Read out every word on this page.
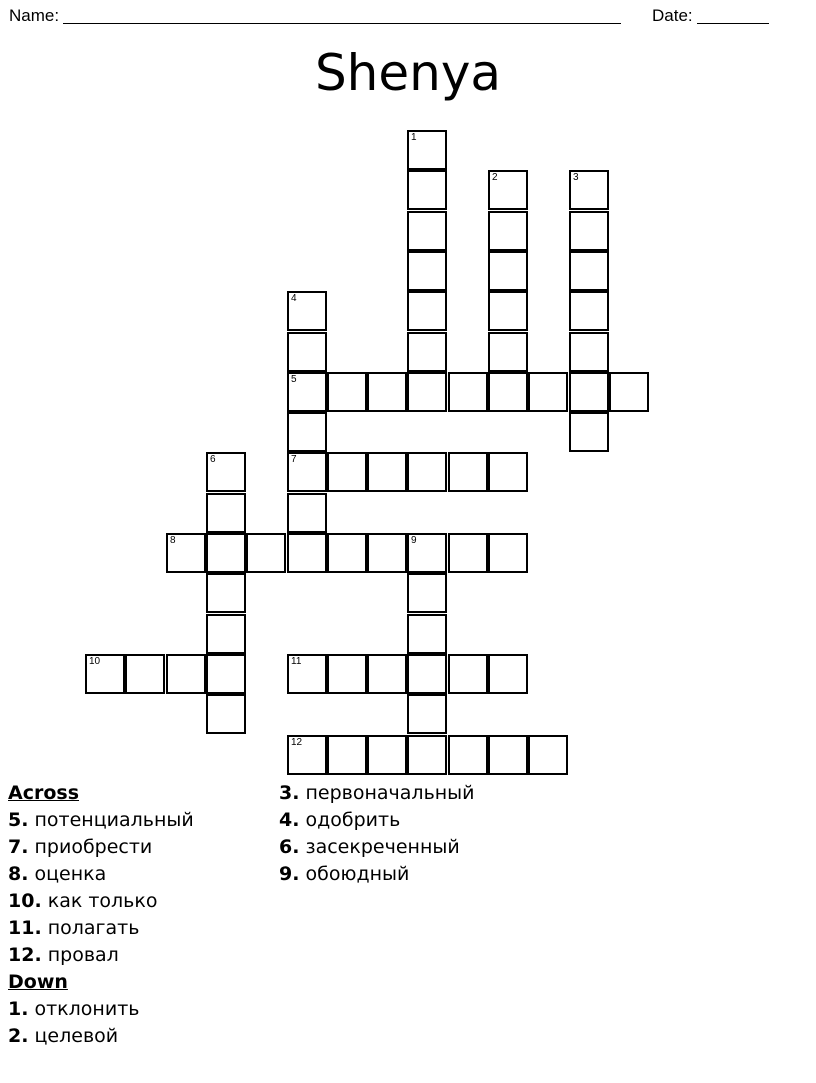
Name:	Date:
Shenya
1
2	3
4
7
5
6
8	9
10	11
12
Across
5. потенциальный
7. приобрести
8. оценка
10. как только
11. полагать
12. провал
Down
1. отклонить
2. целевой
3. первоначальный
4. одобрить
6. засекреченный
9. обоюдный
